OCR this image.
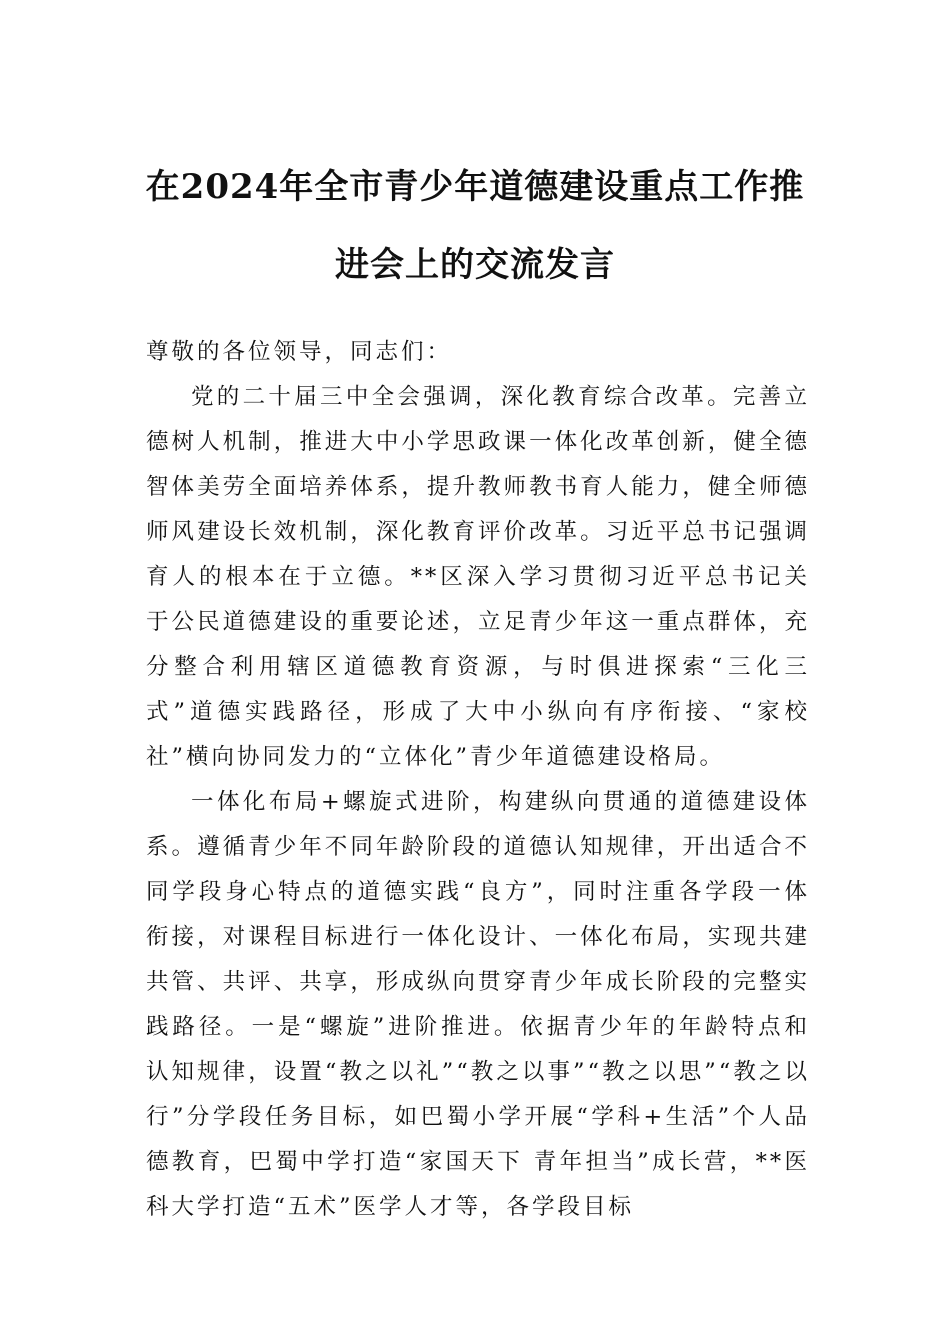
在2024年全市青少年道德建设重点工作推
进会上的交流发言

尊敬的各位领导，同志们：

党的二十届三中全会强调，深化教育综合改革。完善立德树人机制，推进大中小学思政课一体化改革创新，健全德智体美劳全面培养体系，提升教师教书育人能力，健全师德师风建设长效机制，深化教育评价改革。习近平总书记强调育人的根本在于立德。**区深入学习贯彻习近平总书记关于公民道德建设的重要论述，立足青少年这一重点群体，充分整合利用辖区道德教育资源，与时俱进探索“三化三式”道德实践路径，形成了大中小纵向有序衔接、“家校社”横向协同发力的“立体化”青少年道德建设格局。

一体化布局+螺旋式进阶，构建纵向贯通的道德建设体系。遵循青少年不同年龄阶段的道德认知规律，开出适合不同学段身心特点的道德实践“良方”，同时注重各学段一体衔接，对课程目标进行一体化设计、一体化布局，实现共建共管、共评、共享，形成纵向贯穿青少年成长阶段的完整实践路径。一是“螺旋”进阶推进。依据青少年的年龄特点和认知规律，设置“教之以礼”“教之以事”“教之以思”“教之以行”分学段任务目标，如巴蜀小学开展“学科+生活”个人品德教育，巴蜀中学打造“家国天下 青年担当”成长营，**医科大学打造“五术”医学人才等，各学段目标
